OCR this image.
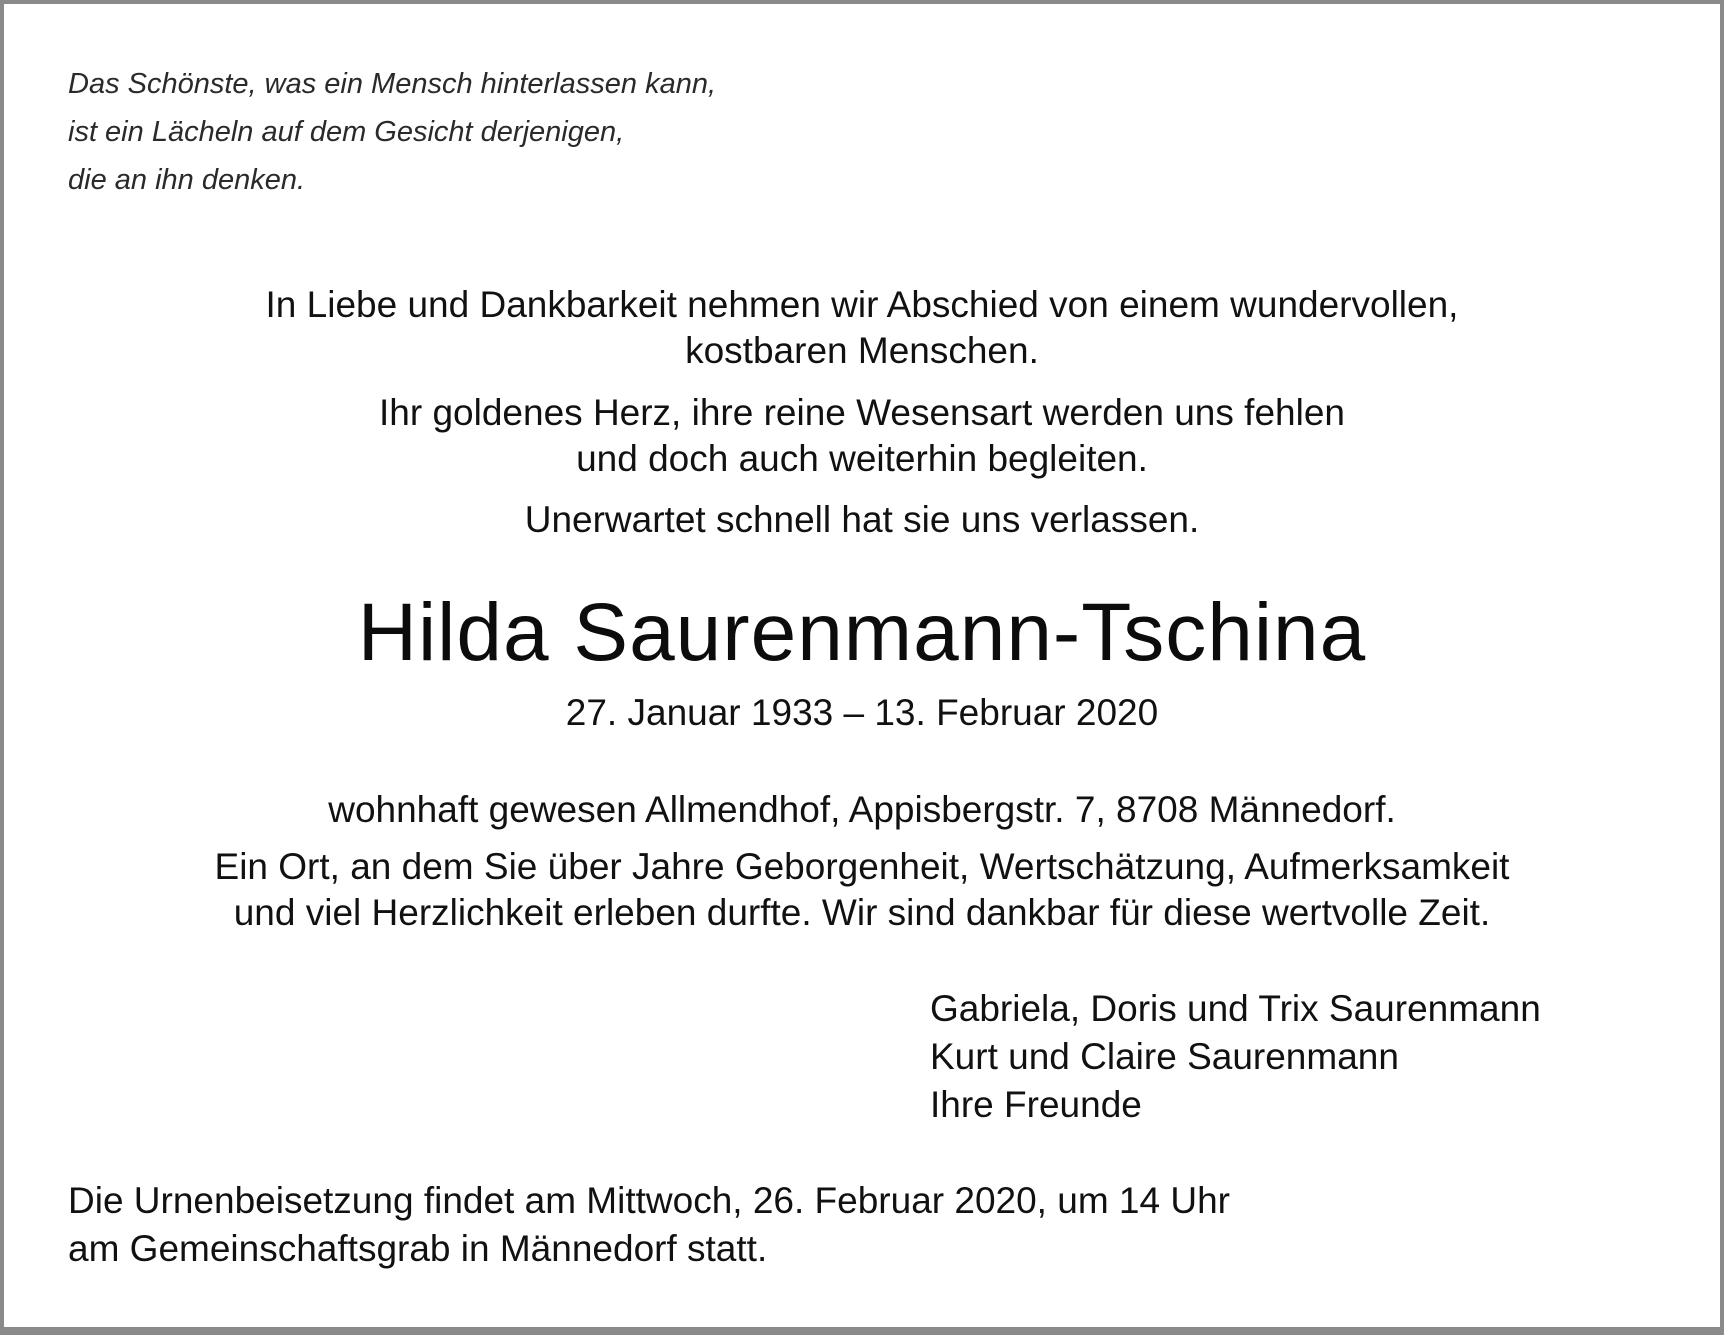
Das Schönste, was ein Mensch hinterlassen kann,
ist ein Lächeln auf dem Gesicht derjenigen,
die an ihn denken.
In Liebe und Dankbarkeit nehmen wir Abschied von einem wundervollen,
kostbaren Menschen.
Ihr goldenes Herz, ihre reine Wesensart werden uns fehlen
und doch auch weiterhin begleiten.
Unerwartet schnell hat sie uns verlassen.
Hilda Saurenmann-Tschina
27. Januar 1933 – 13. Februar 2020
wohnhaft gewesen Allmendhof, Appisbergstr. 7, 8708 Männedorf.
Ein Ort, an dem Sie über Jahre Geborgenheit, Wertschätzung, Aufmerksamkeit
und viel Herzlichkeit erleben durfte. Wir sind dankbar für diese wertvolle Zeit.
Gabriela, Doris und Trix Saurenmann
Kurt und Claire Saurenmann
Ihre Freunde
Die Urnenbeisetzung findet am Mittwoch, 26. Februar 2020, um 14 Uhr
am Gemeinschaftsgrab in Männedorf statt.
